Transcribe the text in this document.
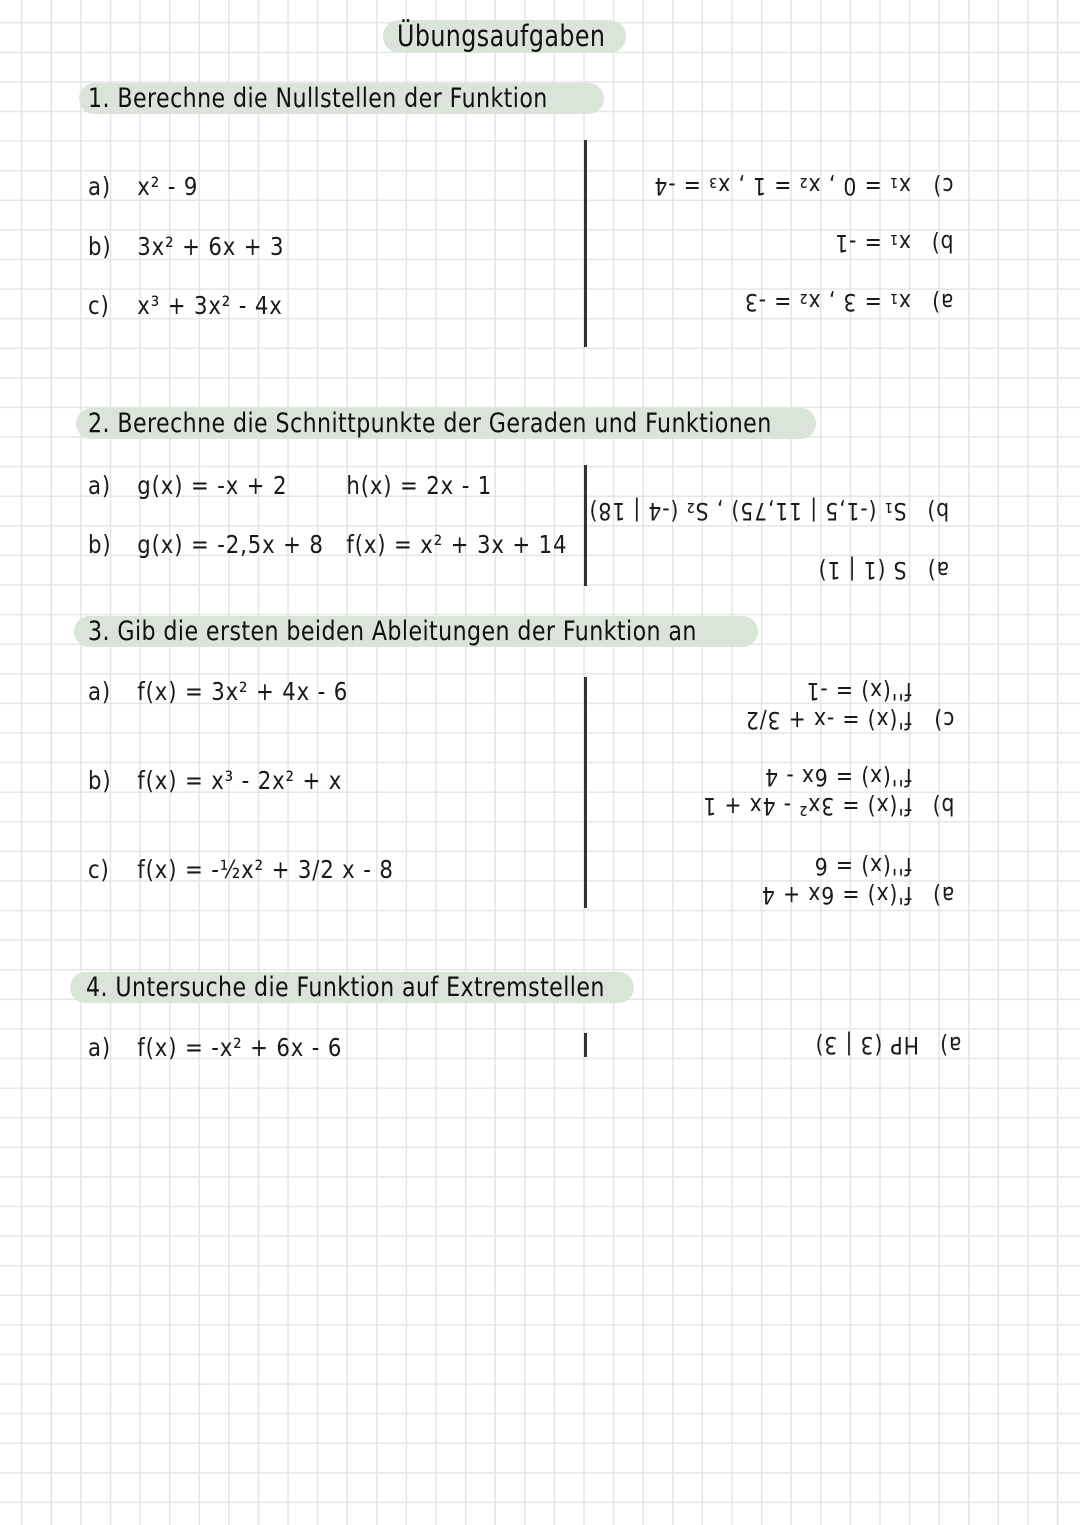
Übungsaufgaben
1. Berechne die Nullstellen der Funktion
a) x² - 9
b) 3x² + 6x + 3
c) x³ + 3x² - 4x
c)x₁ = 0 , x₂ = 1 , x₃ = -4
b)x₁ = -1
a)x₁ = 3 , x₂ = -3
2. Berechne die Schnittpunkte der Geraden und Funktionen
a) g(x) = -x + 2 h(x) = 2x - 1
b) g(x) = -2,5x + 8 f(x) = x² + 3x + 14
b)S₁ (-1,5 | 11,75) , S₂ (-4 | 18)
a)S (1 | 1)
3. Gib die ersten beiden Ableitungen der Funktion an
a) f(x) = 3x² + 4x - 6
b) f(x) = x³ - 2x² + x
c) f(x) = -½x² + 3/2 x - 8
c)f'(x) = -x + 3/2
f''(x) = -1
b)f'(x) = 3x² - 4x + 1
f''(x) = 6x - 4
a)f'(x) = 6x + 4
f''(x) = 6
4. Untersuche die Funktion auf Extremstellen
a) f(x) = -x² + 6x - 6	a)HP (3 | 3)
